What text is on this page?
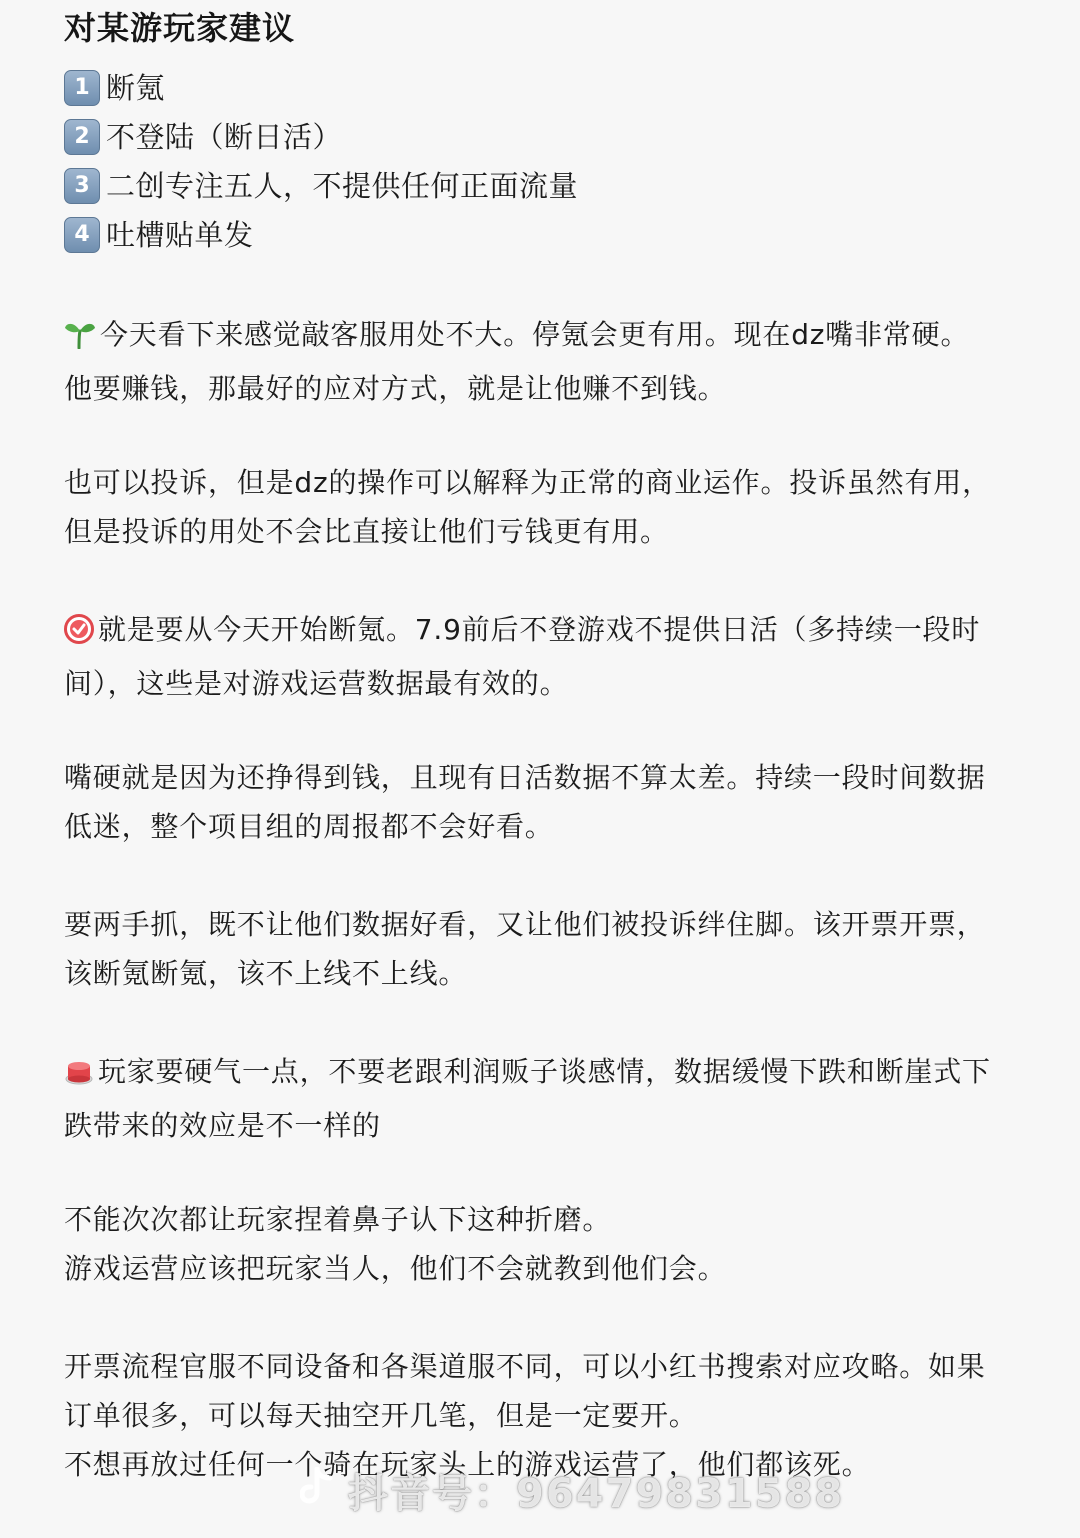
对某游玩家建议
1 断氪
2 不登陆（断日活）
3 二创专注五人，不提供任何正面流量
4 吐槽贴单发
今天看下来感觉敲客服用处不大。停氪会更有用。现在dz嘴非常硬。
他要赚钱，那最好的应对方式，就是让他赚不到钱。
也可以投诉，但是dz的操作可以解释为正常的商业运作。投诉虽然有用，
但是投诉的用处不会比直接让他们亏钱更有用。
就是要从今天开始断氪。7.9前后不登游戏不提供日活（多持续一段时
间），这些是对游戏运营数据最有效的。
嘴硬就是因为还挣得到钱，且现有日活数据不算太差。持续一段时间数据
低迷，整个项目组的周报都不会好看。
要两手抓，既不让他们数据好看，又让他们被投诉绊住脚。该开票开票，
该断氪断氪，该不上线不上线。
玩家要硬气一点，不要老跟利润贩子谈感情，数据缓慢下跌和断崖式下
跌带来的效应是不一样的
不能次次都让玩家捏着鼻子认下这种折磨。
游戏运营应该把玩家当人，他们不会就教到他们会。
开票流程官服不同设备和各渠道服不同，可以小红书搜索对应攻略。如果
订单很多，可以每天抽空开几笔，但是一定要开。
不想再放过任何一个骑在玩家头上的游戏运营了，他们都该死。
抖音号：96479831588
